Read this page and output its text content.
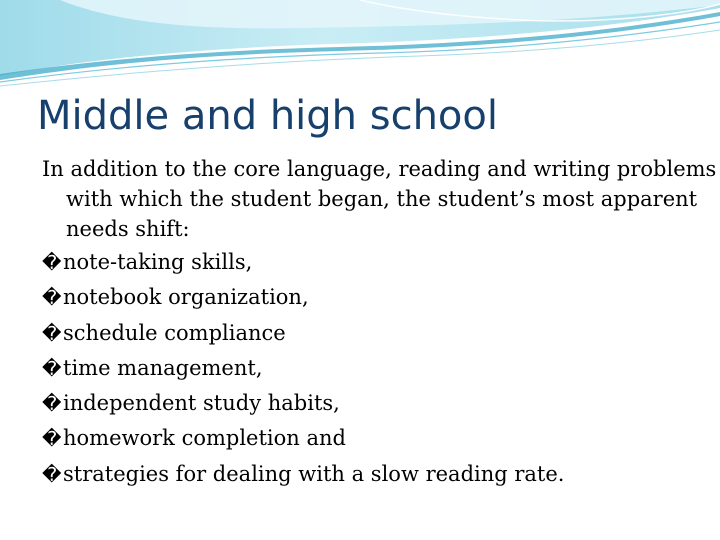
Middle and high school

In addition to the core language, reading and writing problems with which the student began, the student’s most apparent needs shift:

� note-taking skills,
� notebook organization,
� schedule compliance
� time management,
� independent study habits,
� homework completion and
� strategies for dealing with a slow reading rate.
